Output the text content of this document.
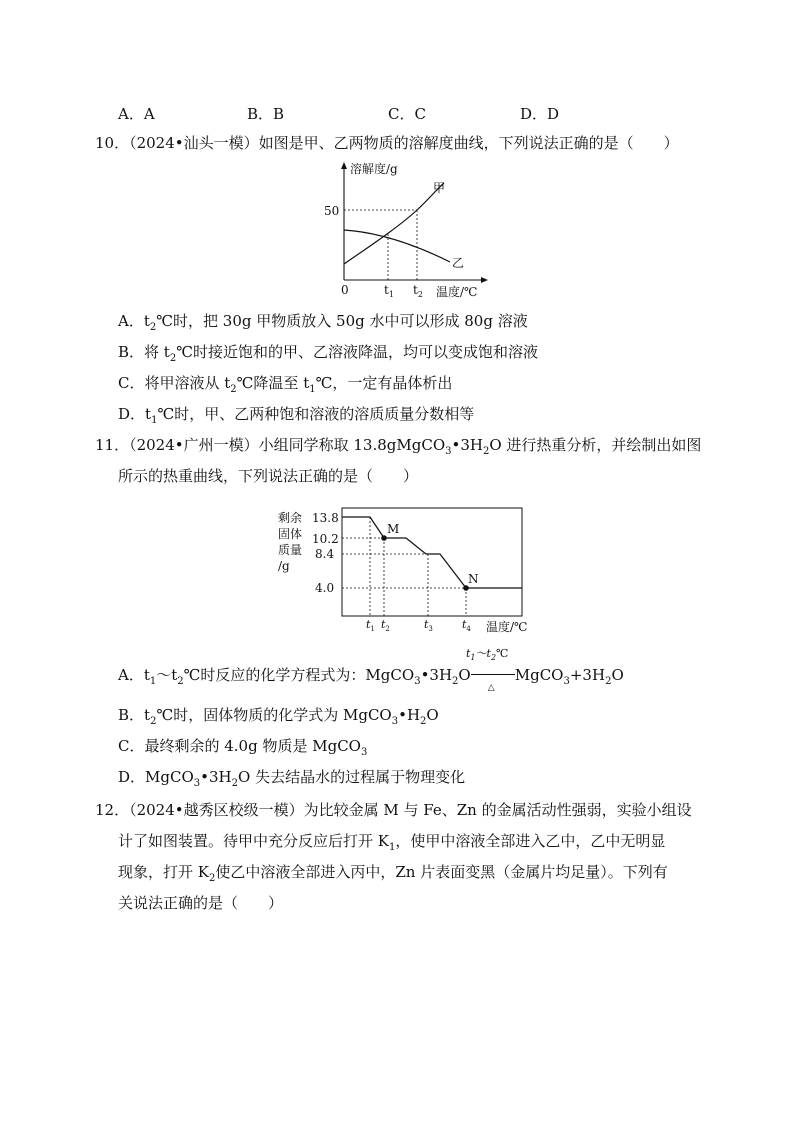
A．A	B．B	C．C	D．D
10．（2024•汕头一模）如图是甲、乙两物质的溶解度曲线，下列说法正确的是（　　）
溶解度/g
50
0	$t_1$ $t_2$ 温度/℃
甲
乙
A．$t_2℃$时，把 30g 甲物质放入 50g 水中可以形成 80g 溶液
B．将 $t_2℃$时接近饱和的甲、乙溶液降温，均可以变成饱和溶液
C．将甲溶液从 $t_2℃$降温至 $t_1℃$，一定有晶体析出
D．$t_1℃$时，甲、乙两种饱和溶液的溶质质量分数相等
11．（2024•广州一模）小组同学称取 $13.8gMgCO_3•3H_2O$ 进行热重分析，并绘制出如图
所示的热重曲线，下列说法正确的是（　　）
剩余
固体
质量
/g
13.8
10.2
8.4
4.0
M
N
$t_1$ $t_2$	$t_3$	$t_4$ 温度/℃
$t_1\sim t_2℃$
A．$t_1\sim t_2℃$时反应的化学方程式为：$MgCO_3•3H_2O$
△
$MgCO_3+3H_2O$
B．$t_2℃$时，固体物质的化学式为 $MgCO_3•H_2O$
C．最终剩余的 4.0g 物质是 MgCO$_3$
D．$MgCO_3•3H_2O$ 失去结晶水的过程属于物理变化
12．（2024•越秀区校级一模）为比较金属 M 与 Fe、Zn 的金属活动性强弱，实验小组设
计了如图装置。待甲中充分反应后打开 $K_1$，使甲中溶液全部进入乙中，乙中无明显
现象，打开 $K_2$使乙中溶液全部进入丙中，Zn 片表面变黑（金属片均足量）。下列有
关说法正确的是（　　）
